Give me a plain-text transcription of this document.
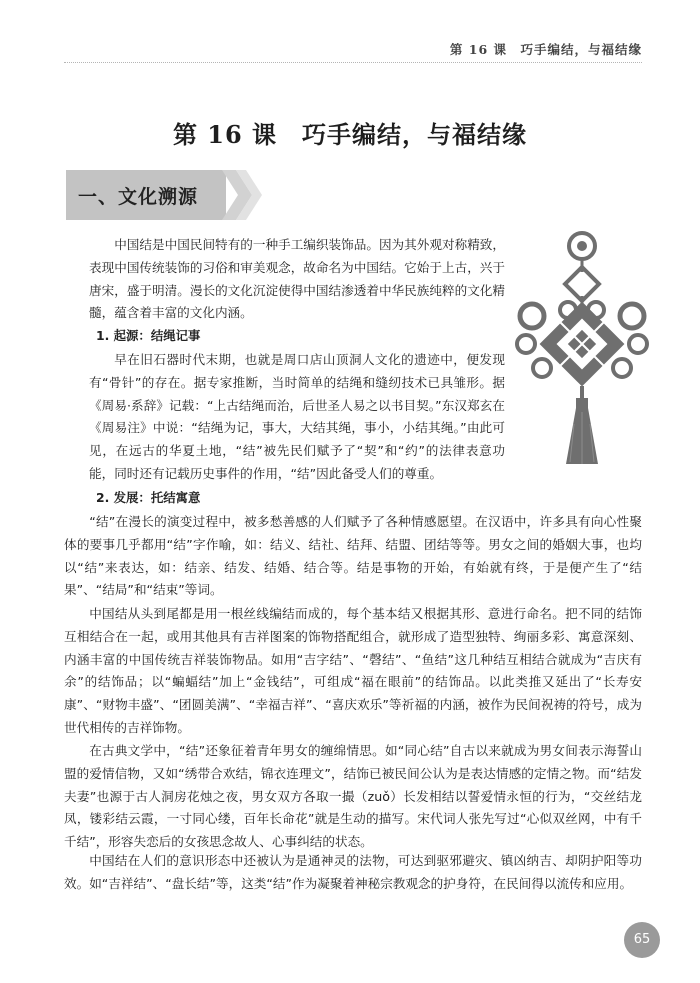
第 16 课　巧手编结，与福结缘
第 16 课　巧手编结，与福结缘
一、文化溯源

中国结是中国民间特有的一种手工编织装饰品。因为其外观对称精致，表现中国传统装饰的习俗和审美观念，故命名为中国结。它始于上古，兴于唐宋，盛于明清。漫长的文化沉淀使得中国结渗透着中华民族纯粹的文化精髓，蕴含着丰富的文化内涵。

1. 起源：结绳记事

早在旧石器时代末期，也就是周口店山顶洞人文化的遗迹中，便发现有“骨针”的存在。据专家推断，当时简单的结绳和缝纫技术已具雏形。据《周易·系辞》记载：“上古结绳而治，后世圣人易之以书目契。”东汉郑玄在《周易注》中说：“结绳为记，事大，大结其绳，事小，小结其绳。”由此可见，在远古的华夏土地，“结”被先民们赋予了“契”和“约”的法律表意功能，同时还有记载历史事件的作用，“结”因此备受人们的尊重。

2. 发展：托结寓意

“结”在漫长的演变过程中，被多愁善感的人们赋予了各种情感愿望。在汉语中，许多具有向心性聚体的要事几乎都用“结”字作喻，如：结义、结社、结拜、结盟、团结等等。男女之间的婚姻大事，也均以“结”来表达，如：结亲、结发、结婚、结合等。结是事物的开始，有始就有终，于是便产生了“结果”、“结局”和“结束”等词。

中国结从头到尾都是用一根丝线编结而成的，每个基本结又根据其形、意进行命名。把不同的结饰互相结合在一起，或用其他具有吉祥图案的饰物搭配组合，就形成了造型独特、绚丽多彩、寓意深刻、内涵丰富的中国传统吉祥装饰物品。如用“吉字结”、“磬结”、“鱼结”这几种结互相结合就成为“吉庆有余”的结饰品；以“蝙蝠结”加上“金钱结”，可组成“福在眼前”的结饰品。以此类推又延出了“长寿安康”、“财物丰盛”、“团圆美满”、“幸福吉祥”、“喜庆欢乐”等祈福的内涵，被作为民间祝祷的符号，成为世代相传的吉祥饰物。

在古典文学中，“结”还象征着青年男女的缠绵情思。如“同心结”自古以来就成为男女间表示海誓山盟的爱情信物，又如“绣带合欢结，锦衣连理文”，结饰已被民间公认为是表达情感的定情之物。而“结发夫妻”也源于古人洞房花烛之夜，男女双方各取一撮（zuǒ）长发相结以誓爱情永恒的行为，“交丝结龙凤，镂彩结云霞，一寸同心缕，百年长命花”就是生动的描写。宋代词人张先写过“心似双丝网，中有千千结”，形容失恋后的女孩思念故人、心事纠结的状态。

中国结在人们的意识形态中还被认为是通神灵的法物，可达到驱邪避灾、镇凶纳吉、却阴护阳等功效。如“吉祥结”、“盘长结”等，这类“结”作为凝聚着神秘宗教观念的护身符，在民间得以流传和应用。

65
